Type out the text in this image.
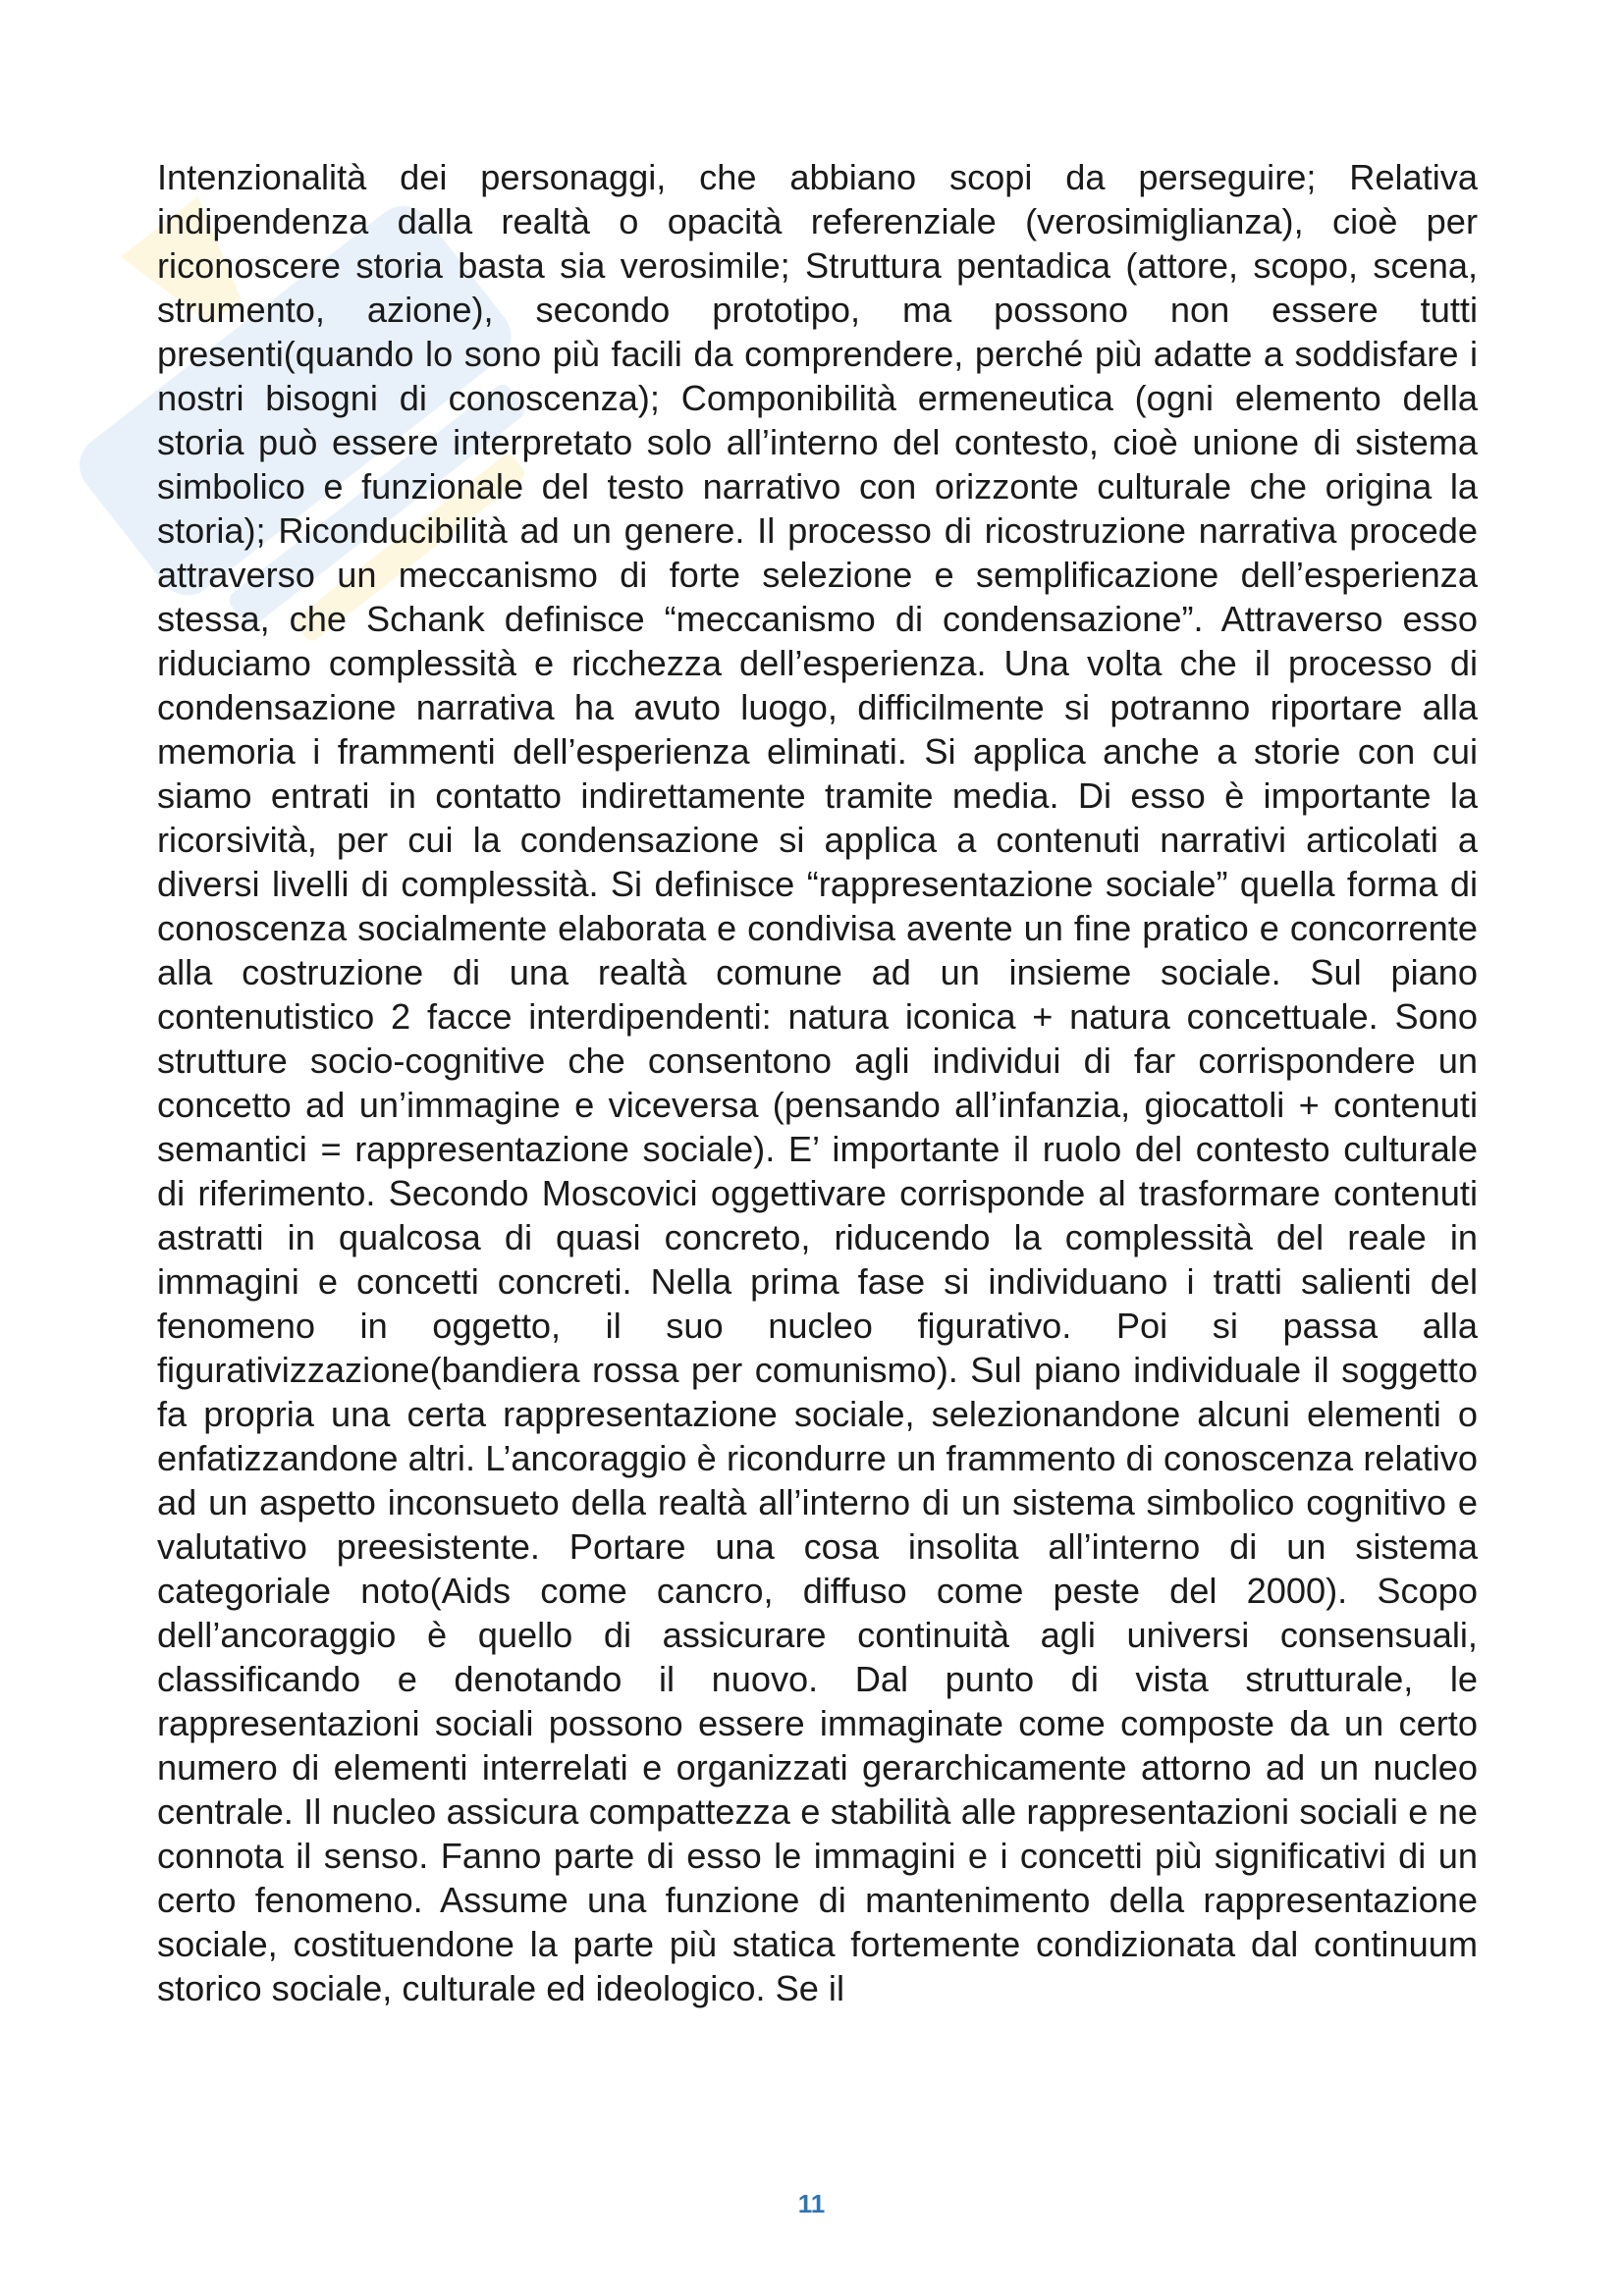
Intenzionalità dei personaggi, che abbiano scopi da perseguire; Relativa indipendenza dalla realtà o opacità referenziale (verosimiglianza), cioè per riconoscere storia basta sia verosimile; Struttura pentadica (attore, scopo, scena, strumento, azione), secondo prototipo, ma possono non essere tutti presenti(quando lo sono più facili da comprendere, perché più adatte a soddisfare i nostri bisogni di conoscenza); Componibilità ermeneutica (ogni elemento della storia può essere interpretato solo all’interno del contesto, cioè unione di sistema simbolico e funzionale del testo narrativo con orizzonte culturale che origina la storia); Riconducibilità ad un genere. Il processo di ricostruzione narrativa procede attraverso un meccanismo di forte selezione e semplificazione dell’esperienza stessa, che Schank definisce “meccanismo di condensazione”. Attraverso esso riduciamo complessità e ricchezza dell’esperienza. Una volta che il processo di condensazione narrativa ha avuto luogo, difficilmente si potranno riportare alla memoria i frammenti dell’esperienza eliminati. Si applica anche a storie con cui siamo entrati in contatto indirettamente tramite media. Di esso è importante la ricorsività, per cui la condensazione si applica a contenuti narrativi articolati a diversi livelli di complessità. Si definisce “rappresentazione sociale” quella forma di conoscenza socialmente elaborata e condivisa avente un fine pratico e concorrente alla costruzione di una realtà comune ad un insieme sociale. Sul piano contenutistico 2 facce interdipendenti: natura iconica + natura concettuale. Sono strutture socio-cognitive che consentono agli individui di far corrispondere un concetto ad un’immagine e viceversa (pensando all’infanzia, giocattoli + contenuti semantici = rappresentazione sociale). E’ importante il ruolo del contesto culturale di riferimento. Secondo Moscovici oggettivare corrisponde al trasformare contenuti astratti in qualcosa di quasi concreto, riducendo la complessità del reale in immagini e concetti concreti. Nella prima fase si individuano i tratti salienti del fenomeno in oggetto, il suo nucleo figurativo. Poi si passa alla figurativizzazione(bandiera rossa per comunismo). Sul piano individuale il soggetto fa propria una certa rappresentazione sociale, selezionandone alcuni elementi o enfatizzandone altri. L’ancoraggio è ricondurre un frammento di conoscenza relativo ad un aspetto inconsueto della realtà all’interno di un sistema simbolico cognitivo e valutativo preesistente. Portare una cosa insolita all’interno di un sistema categoriale noto(Aids come cancro, diffuso come peste del 2000). Scopo dell’ancoraggio è quello di assicurare continuità agli universi consensuali, classificando e denotando il nuovo. Dal punto di vista strutturale, le rappresentazioni sociali possono essere immaginate come composte da un certo numero di elementi interrelati e organizzati gerarchicamente attorno ad un nucleo centrale. Il nucleo assicura compattezza e stabilità alle rappresentazioni sociali e ne connota il senso. Fanno parte di esso le immagini e i concetti più significativi di un certo fenomeno. Assume una funzione di mantenimento della rappresentazione sociale, costituendone la parte più statica fortemente condizionata dal continuum storico sociale, culturale ed ideologico. Se il

11
